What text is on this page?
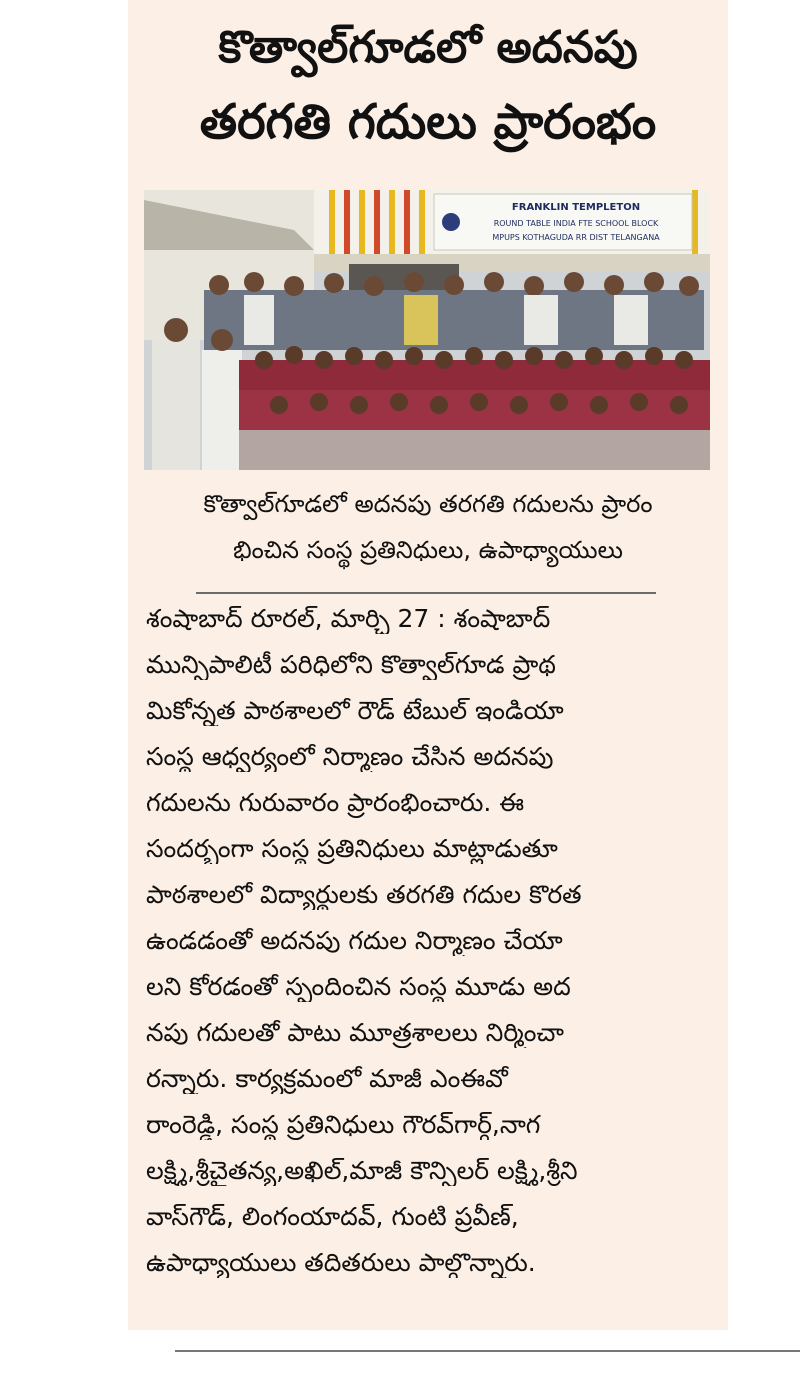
కొత్వాల్‌గూడలో అదనపు
తరగతి గదులు ప్రారంభం
FRANKLIN TEMPLETON
ROUND TABLE INDIA FTE SCHOOL BLOCK
MPUPS KOTHAGUDA RR DIST TELANGANA
కొత్వాల్‌గూడలో అదనపు తరగతి గదులను ప్రారం
భించిన సంస్థ ప్రతినిధులు, ఉపాధ్యాయులు
శంషాబాద్ రూరల్, మార్చి 27 : శంషాబాద్
మున్సిపాలిటీ పరిధిలోని కొత్వాల్‌గూడ ప్రాథ
మికోన్నత పాఠశాలలో రౌడ్ టేబుల్ ఇండియా
సంస్థ ఆధ్వర్యంలో నిర్మాణం చేసిన అదనపు
గదులను గురువారం ప్రారంభించారు. ఈ
సందర్భంగా సంస్థ ప్రతినిధులు మాట్లాడుతూ
పాఠశాలలో విద్యార్థులకు తరగతి గదుల కొరత
ఉండడంతో అదనపు గదుల నిర్మాణం చేయా
లని కోరడంతో స్పందించిన సంస్థ మూడు అద
నపు గదులతో పాటు మూత్రశాలలు నిర్మించా
రన్నారు. కార్యక్రమంలో మాజీ ఎంఈవో
రాంరెడ్డి, సంస్థ ప్రతినిధులు గౌరవ్‌గార్గ్,నాగ
లక్ష్మి,శ్రీచైతన్య,అఖిల్,మాజీ కౌన్సిలర్ లక్ష్మి,శ్రీని
వాస్‌గౌడ్, లింగంయాదవ్, గుంటి ప్రవీణ్,
ఉపాధ్యాయులు తదితరులు పాల్గొన్నారు.
